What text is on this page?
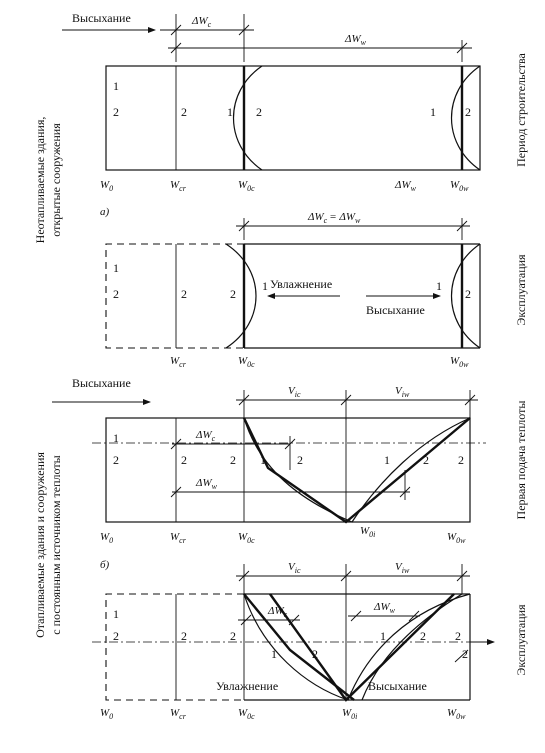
Неотапливаемые здания, открытые сооружения
Отапливаемые здания и сооружения с постоянным источником теплоты
Период строительства
Эксплуатация
Первая подача теплоты
Эксплуатация
Высыхание	$\Delta W_c$
$\Delta W_w$
1
2	2	1 2	1 2
$W_0$	$W_{cr}$	$W_{0c}$	$\Delta W_w$	$W_{0w}$
а)	$\Delta W_c = \Delta W_w$
1
2	2	2
1	1
2
Увлажнение
Высыхание
$W_{cr}$	$W_{0c}$	$W_{0w}$
Высыхание
$V_{ic}$	$V_{iw}$
$\Delta W_c$
$\Delta W_w$
1
2	2	2 1	2	1	2 2
$W_0$	$W_{cr}$	$W_{0c}$
$W_{0i}$	$W_{0w}$
б)	$V_{ic}$	$V_{iw}$
$\Delta W_c$
$\Delta W_w$
1
2	2	2
1	2
1	2 2
2
Увлажнение	Высыхание
$W_0$	$W_{cr}$	$W_{0c}$	$W_{0i}$	$W_{0w}$
